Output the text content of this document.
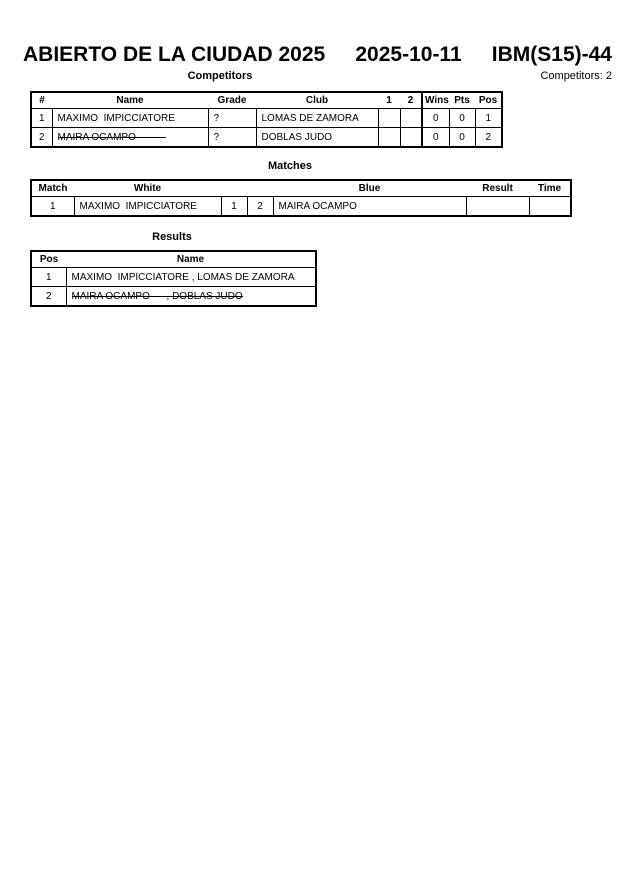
ABIERTO DE LA CIUDAD 2025 2025-10-11 IBM(S15)-44
Competitors	Competitors: 2
#	Name	Grade	Club	1	2	Wins	Pts	Pos
1	MAXIMO  IMPICCIATORE	?	LOMAS DE ZAMORA			0	0	1
2	MAIRA OCAMPO	?	DOBLAS JUDO			0	0	2
Matches
Match	White			Blue	Result	Time
1	MAXIMO  IMPICCIATORE	1	2	MAIRA OCAMPO		
Results
Pos	Name
1	MAXIMO  IMPICCIATORE , LOMAS DE ZAMORA
2	MAIRA OCAMPO      , DOBLAS JUDO
